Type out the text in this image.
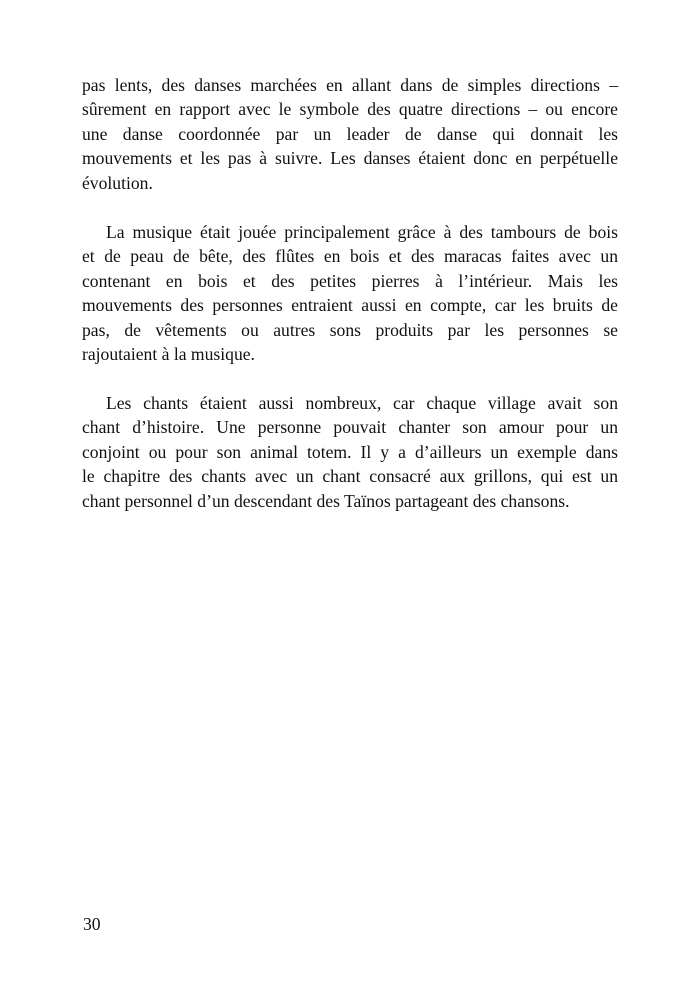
pas lents, des danses marchées en allant dans de simples directions –
sûrement en rapport avec le symbole des quatre directions – ou encore
une danse coordonnée par un leader de danse qui donnait les
mouvements et les pas à suivre. Les danses étaient donc en perpétuelle
évolution.
La musique était jouée principalement grâce à des tambours de bois
et de peau de bête, des flûtes en bois et des maracas faites avec un
contenant en bois et des petites pierres à l’intérieur. Mais les
mouvements des personnes entraient aussi en compte, car les bruits de
pas, de vêtements ou autres sons produits par les personnes se
rajoutaient à la musique.
Les chants étaient aussi nombreux, car chaque village avait son
chant d’histoire. Une personne pouvait chanter son amour pour un
conjoint ou pour son animal totem. Il y a d’ailleurs un exemple dans
le chapitre des chants avec un chant consacré aux grillons, qui est un
chant personnel d’un descendant des Taïnos partageant des chansons.
30
